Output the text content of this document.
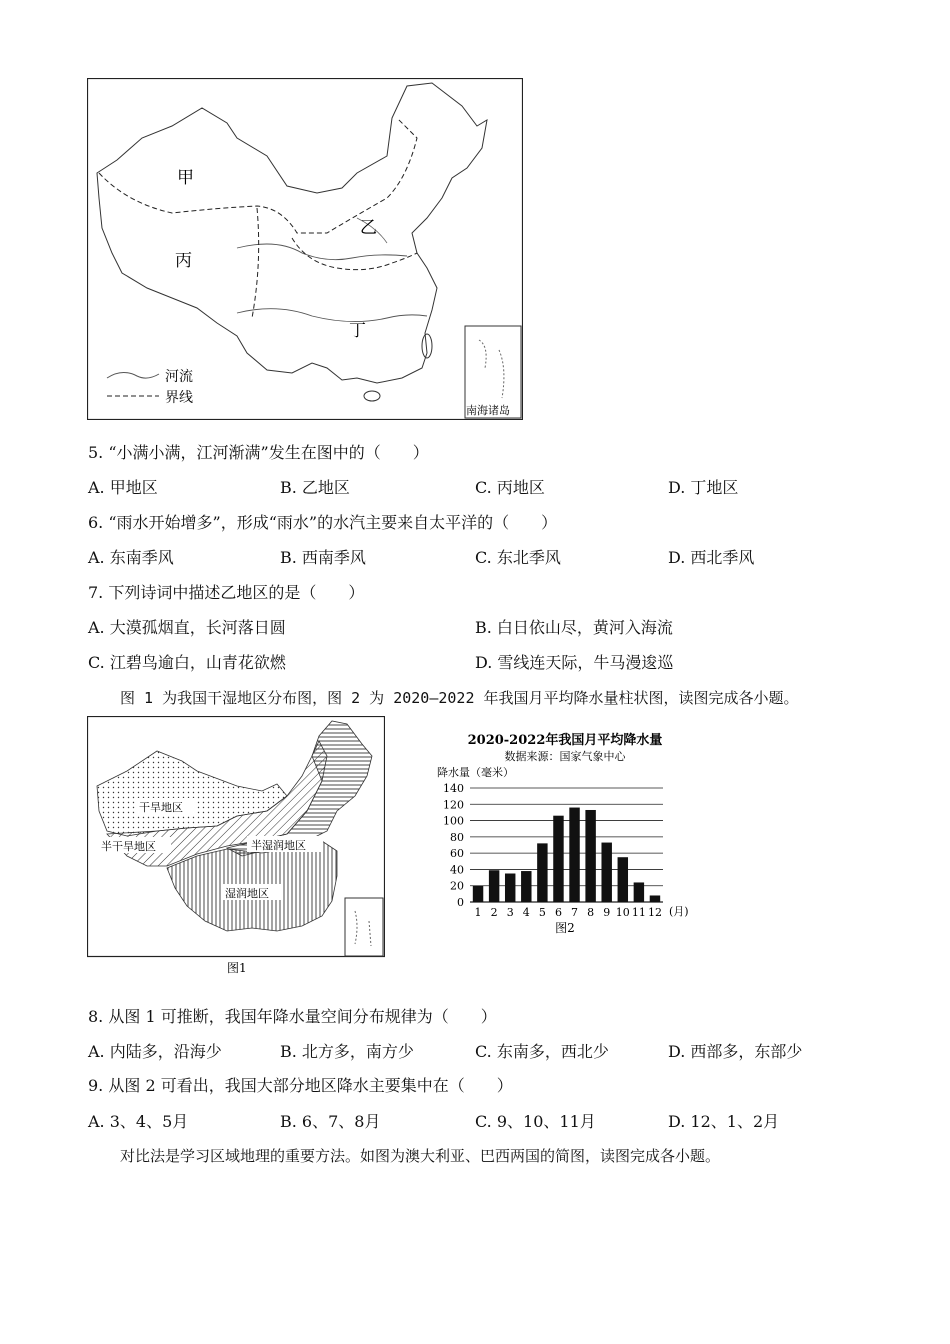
甲
乙
丙
丁
河流
界线
南海诸岛
5. “小满小满，江河渐满”发生在图中的（　　）
A. 甲地区	B. 乙地区	C. 丙地区	D. 丁地区
6. “雨水开始增多”，形成“雨水”的水汽主要来自太平洋的（　　）
A. 东南季风	B. 西南季风	C. 东北季风	D. 西北季风
7. 下列诗词中描述乙地区的是（　　）
A. 大漠孤烟直，长河落日圆	B. 白日依山尽，黄河入海流
C. 江碧鸟逾白，山青花欲燃	D. 雪线连天际，牛马漫逡巡
图 1 为我国干湿地区分布图，图 2 为 2020—2022 年我国月平均降水量柱状图，读图完成各小题。
干旱地区
半干旱地区	半湿润地区
湿润地区
图1
2020-2022年我国月平均降水量
数据来源：国家气象中心
降水量（毫米）
0
20
40
60
80
100
120
140
1 2 3 4 5 6 7 8 9 10 11 12 (月)
图2
8. 从图 1 可推断，我国年降水量空间分布规律为（　　）
A. 内陆多，沿海少	B. 北方多，南方少	C. 东南多，西北少	D. 西部多，东部少
9. 从图 2 可看出，我国大部分地区降水主要集中在（　　）
A. 3、4、5月	B. 6、7、8月	C. 9、10、11月	D. 12、1、2月
对比法是学习区域地理的重要方法。如图为澳大利亚、巴西两国的简图，读图完成各小题。
